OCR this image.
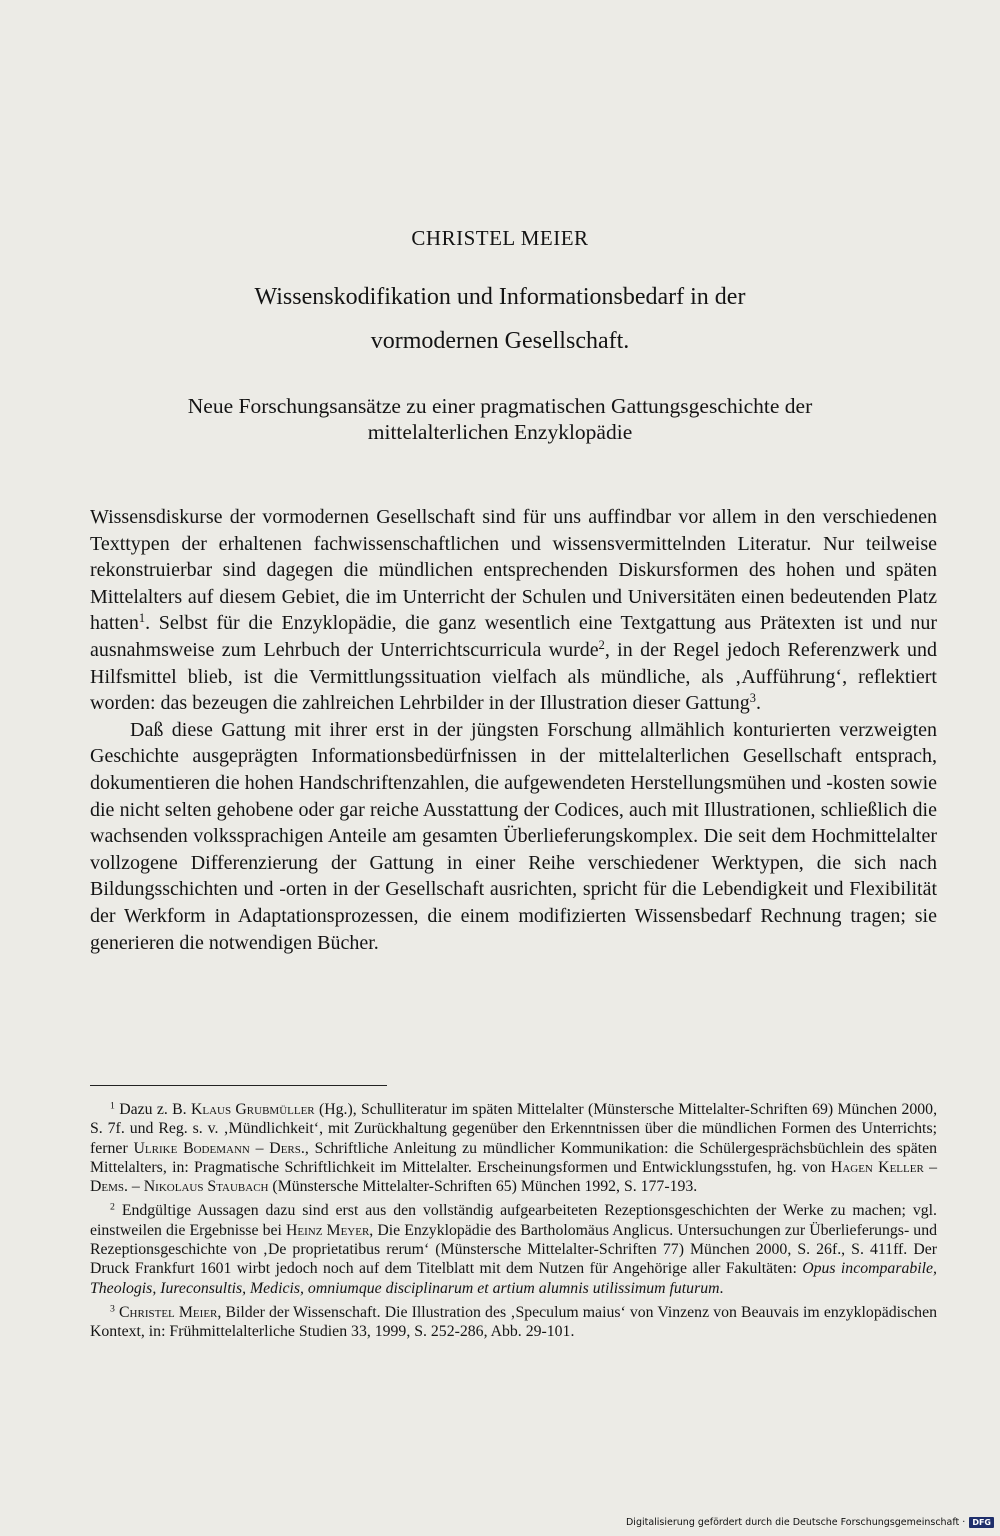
CHRISTEL MEIER
Wissenskodifikation und Informationsbedarf in der
vormodernen Gesellschaft.
Neue Forschungsansätze zu einer pragmatischen Gattungsgeschichte der
mittelalterlichen Enzyklopädie

Wissensdiskurse der vormodernen Gesellschaft sind für uns auffindbar vor allem in den verschiedenen Texttypen der erhaltenen fachwissenschaftlichen und wissensvermittelnden Literatur. Nur teilweise rekonstruierbar sind dagegen die mündlichen entsprechenden Diskursformen des hohen und späten Mittelalters auf diesem Gebiet, die im Unterricht der Schulen und Universitäten einen bedeutenden Platz hatten$^1$. Selbst für die Enzyklopädie, die ganz wesentlich eine Textgattung aus Prätexten ist und nur ausnahmsweise zum Lehrbuch der Unterrichtscurricula wurde$^2$, in der Regel jedoch Referenzwerk und Hilfsmittel blieb, ist die Vermittlungssituation vielfach als mündliche, als ‚Aufführung‘, reflektiert worden: das bezeugen die zahlreichen Lehrbilder in der Illustration dieser Gattung$^3$.

Daß diese Gattung mit ihrer erst in der jüngsten Forschung allmählich konturierten verzweigten Geschichte ausgeprägten Informationsbedürfnissen in der mittelalterlichen Gesellschaft entsprach, dokumentieren die hohen Handschriftenzahlen, die aufgewendeten Herstellungsmühen und -kosten sowie die nicht selten gehobene oder gar reiche Ausstattung der Codices, auch mit Illustrationen, schließlich die wachsenden volkssprachigen Anteile am gesamten Überlieferungskomplex. Die seit dem Hochmittelalter vollzogene Differenzierung der Gattung in einer Reihe verschiedener Werktypen, die sich nach Bildungsschichten und -orten in der Gesellschaft ausrichten, spricht für die Lebendigkeit und Flexibilität der Werkform in Adaptationsprozessen, die einem modifizierten Wissensbedarf Rechnung tragen; sie generieren die notwendigen Bücher.

$^1$ Dazu z. B. Klaus Grubmüller (Hg.), Schulliteratur im späten Mittelalter (Münstersche Mittelalter-Schriften 69) München 2000, S. 7f. und Reg. s. v. ‚Mündlichkeit‘, mit Zurückhaltung gegenüber den Erkenntnissen über die mündlichen Formen des Unterrichts; ferner Ulrike Bodemann – Ders., Schriftliche Anleitung zu mündlicher Kommunikation: die Schülergesprächsbüchlein des späten Mittelalters, in: Pragmatische Schriftlichkeit im Mittelalter. Erscheinungsformen und Entwicklungsstufen, hg. von Hagen Keller – Dems. – Nikolaus Staubach (Münstersche Mittelalter-Schriften 65) München 1992, S. 177-193.

$^2$ Endgültige Aussagen dazu sind erst aus den vollständig aufgearbeiteten Rezeptionsgeschichten der Werke zu machen; vgl. einstweilen die Ergebnisse bei Heinz Meyer, Die Enzyklopädie des Bartholomäus Anglicus. Untersuchungen zur Überlieferungs- und Rezeptionsgeschichte von ‚De proprietatibus rerum‘ (Münstersche Mittelalter-Schriften 77) München 2000, S. 26f., S. 411ff. Der Druck Frankfurt 1601 wirbt jedoch noch auf dem Titelblatt mit dem Nutzen für Angehörige aller Fakultäten: Opus incomparabile, Theologis, Iureconsultis, Medicis, omniumque disciplinarum et artium alumnis utilissimum futurum.

$^3$ Christel Meier, Bilder der Wissenschaft. Die Illustration des ‚Speculum maius‘ von Vinzenz von Beauvais im enzyklopädischen Kontext, in: Frühmittelalterliche Studien 33, 1999, S. 252-286, Abb. 29-101.

Digitalisierung gefördert durch die Deutsche Forschungsgemeinschaft · DFG
